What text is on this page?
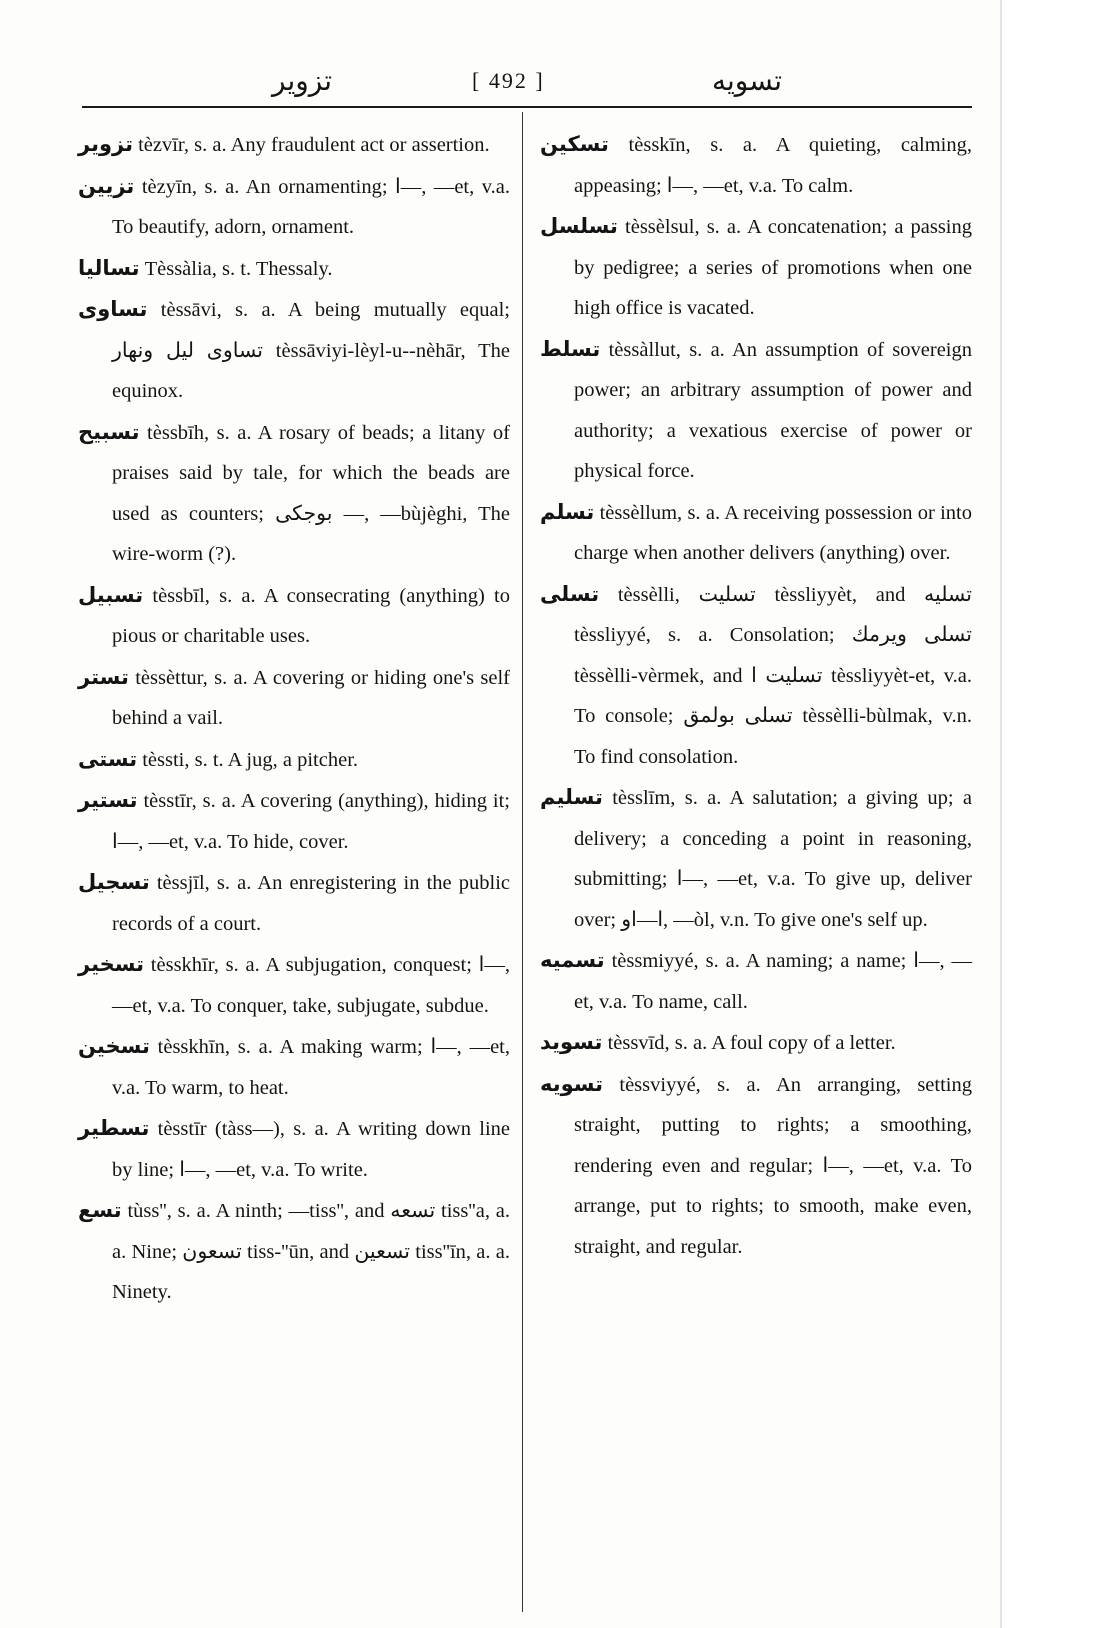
تزوير	[ 492 ]	تسويه

تزوير tèzvīr, s. a. Any fraudulent act or assertion.

تزيين tèzyīn, s. a. An ornamenting; ا—, —et, v.a. To beautify, adorn, ornament.

تساليا Tèssàlia, s. t. Thessaly.

تساوى tèssāvi, s. a. A being mutually equal; تساوى ليل ونهار tèssāviyi-lèyl-u--nèhār, The equinox.

تسبيح tèssbīh, s. a. A rosary of beads; a litany of praises said by tale, for which the beads are used as counters; بوجكى —, —bùjèghi, The wire-worm (?).

تسبيل tèssbīl, s. a. A consecrating (anything) to pious or charitable uses.

تستر tèssèttur, s. a. A covering or hiding one's self behind a vail.

تستى tèssti, s. t. A jug, a pitcher.

تستير tèsstīr, s. a. A covering (anything), hiding it; ا—, —et, v.a. To hide, cover.

تسجيل tèssjīl, s. a. An enregistering in the public records of a court.

تسخير tèsskhīr, s. a. A subjugation, conquest; ا—, —et, v.a. To conquer, take, subjugate, subdue.

تسخين tèsskhīn, s. a. A making warm; ا—, —et, v.a. To warm, to heat.

تسطير tèsstīr (tàss—), s. a. A writing down line by line; ا—, —et, v.a. To write.

تسع tùss'', s. a. A ninth; —tiss'', and تسعه tiss''a, a. a. Nine; تسعون tiss-''ūn, and تسعين tiss''īn, a. a. Ninety.

تسكين tèsskīn, s. a. A quieting, calming, appeasing; ا—, —et, v.a. To calm.

تسلسل tèssèlsul, s. a. A concatenation; a passing by pedigree; a series of promotions when one high office is vacated.

تسلط tèssàllut, s. a. An assumption of sovereign power; an arbitrary assumption of power and authority; a vexatious exercise of power or physical force.

تسلم tèssèllum, s. a. A receiving possession or into charge when another delivers (anything) over.

تسلى tèssèlli, تسليت tèssliyyèt, and تسليه tèssliyyé, s. a. Consolation; تسلى ويرمك tèssèlli-vèrmek, and تسليت ا tèssliyyèt-et, v.a. To console; تسلى بولمق tèssèlli-bùlmak, v.n. To find consolation.

تسليم tèsslīm, s. a. A salutation; a giving up; a delivery; a conceding a point in reasoning, submitting; ا—, —et, v.a. To give up, deliver over; ا—او, —òl, v.n. To give one's self up.

تسميه tèssmiyyé, s. a. A naming; a name; ا—, —et, v.a. To name, call.

تسويد tèssvīd, s. a. A foul copy of a letter.

تسويه tèssviyyé, s. a. An arranging, setting straight, putting to rights; a smoothing, rendering even and regular; ا—, —et, v.a. To arrange, put to rights; to smooth, make even, straight, and regular.
